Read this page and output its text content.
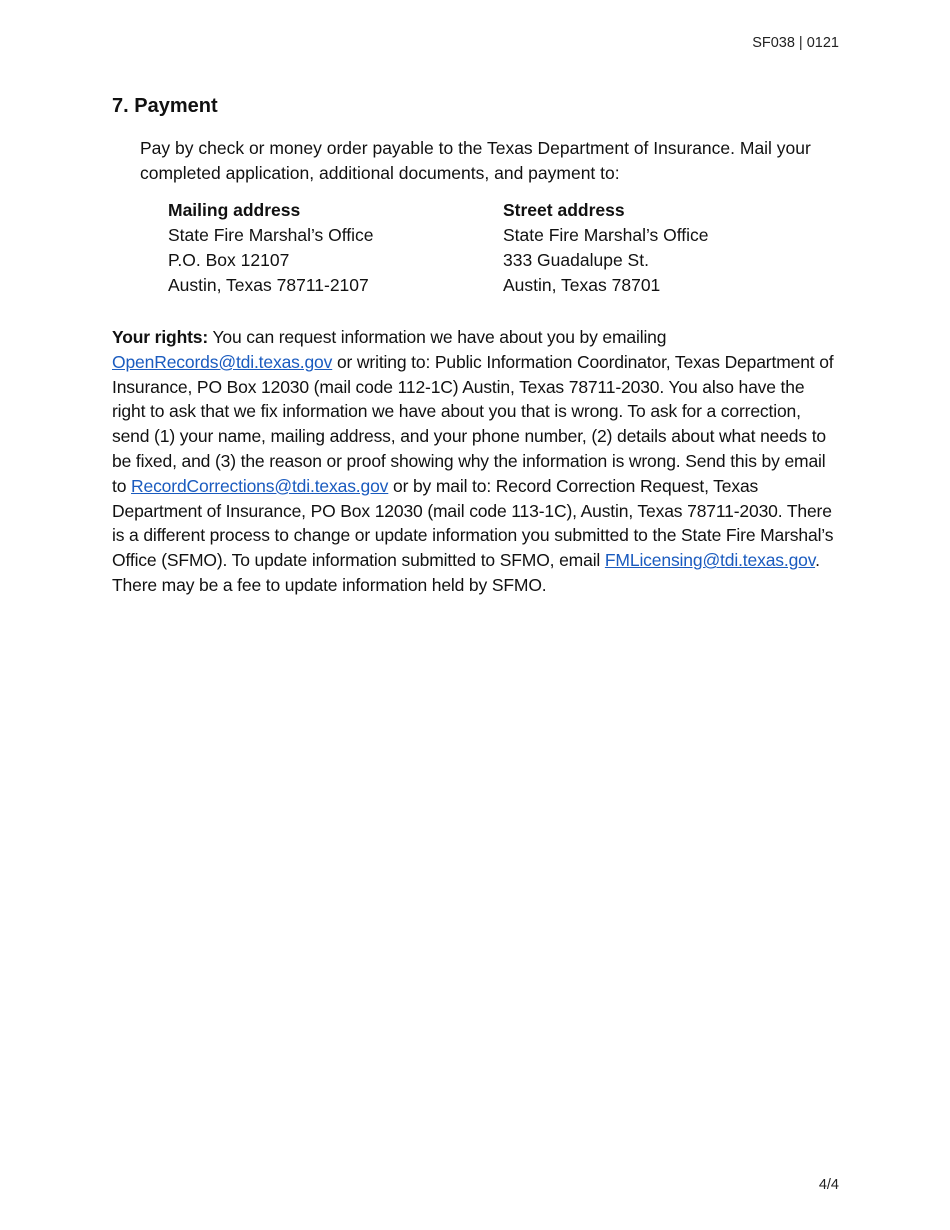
SF038 | 0121
7. Payment

Pay by check or money order payable to the Texas Department of Insurance. Mail your completed application, additional documents, and payment to:

Mailing address
State Fire Marshal’s Office
P.O. Box 12107
Austin, Texas 78711-2107
Street address
State Fire Marshal’s Office
333 Guadalupe St.
Austin, Texas 78701

Your rights: You can request information we have about you by emailing OpenRecords@tdi.texas.gov or writing to: Public Information Coordinator, Texas Department of Insurance, PO Box 12030 (mail code 112-1C) Austin, Texas 78711-2030. You also have the right to ask that we fix information we have about you that is wrong. To ask for a correction, send (1) your name, mailing address, and your phone number, (2) details about what needs to be fixed, and (3) the reason or proof showing why the information is wrong. Send this by email to RecordCorrections@tdi.texas.gov or by mail to: Record Correction Request, Texas Department of Insurance, PO Box 12030 (mail code 113-1C), Austin, Texas 78711-2030. There is a different process to change or update information you submitted to the State Fire Marshal’s Office (SFMO). To update information submitted to SFMO, email FMLicensing@tdi.texas.gov. There may be a fee to update information held by SFMO.

4/4
